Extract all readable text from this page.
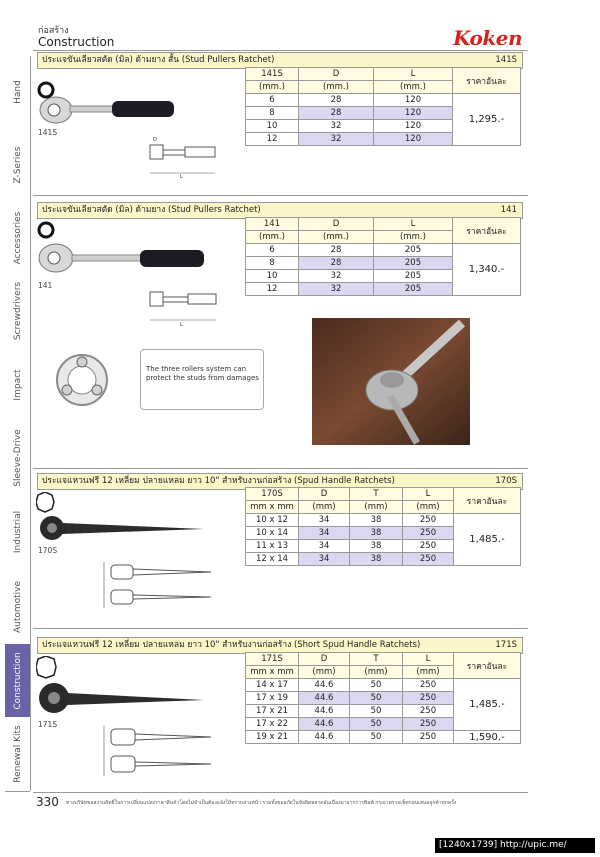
Hand
Z-Series
Accessories
Screwdrivers
Impact
Sleeve-Drive
Industrial
Automotive
Construction
Renewal Kits
ก่อสร้าง
Construction	Koken
ประแจขันเลียวสตัด (มิล) ด้ามยาง สั้น (Stud Pullers Ratchet)	141S
141S
D
L
141S	D	L	ราคาอันละ
(mm.)	(mm.)	(mm.)	
6	28	120	1,295.-
8	28	120	
10	32	120	
12	32	120	
ประแจขันเลียวสตัด (มิล) ด้ามยาง (Stud Pullers Ratchet)	141
141
L
141	D	L	ราคาอันละ
(mm.)	(mm.)	(mm.)	
6	28	205	1,340.-
8	28	205	
10	32	205	
12	32	205	
The three rollers system can protect the studs from damages
ประแจแหวนฟรี 12 เหลี่ยม ปลายแหลม ยาว 10" สำหรับงานก่อสร้าง (Spud Handle Ratchets)	170S
170S
170S	D	T	L	ราคาอันละ
mm x mm	(mm)	(mm)	(mm)	
10 x 12	34	38	250	1,485.-
10 x 14	34	38	250	
11 x 13	34	38	250	
12 x 14	34	38	250	
ประแจแหวนฟรี 12 เหลี่ยม ปลายแหลม ยาว 10" สำหรับงานก่อสร้าง (Short Spud Handle Ratchets)	171S
171S
171S	D	T	L	ราคาอันละ
mm x mm	(mm)	(mm)	(mm)	
14 x 17	44.6	50	250	1,485.-
17 x 19	44.6	50	250	
17 x 21	44.6	50	250	
17 x 22	44.6	50	250	
19 x 21	44.6	50	250	1,590.-
330 ทางบริษัทขอสงวนสิทธิ์ในการเปลี่ยนแปลงราคาสินค้าโดยไม่จำเป็นต้องแจ้งให้ทราบล่วงหน้า รวมทั้งขออภัยในข้อผิดพลาดอันเนื่องมาจากการพิมพ์ กรุณาตรวจเช็คก่อนเสนอลูกค้าทุกครั้ง
[1240x1739] http://upic.me/
